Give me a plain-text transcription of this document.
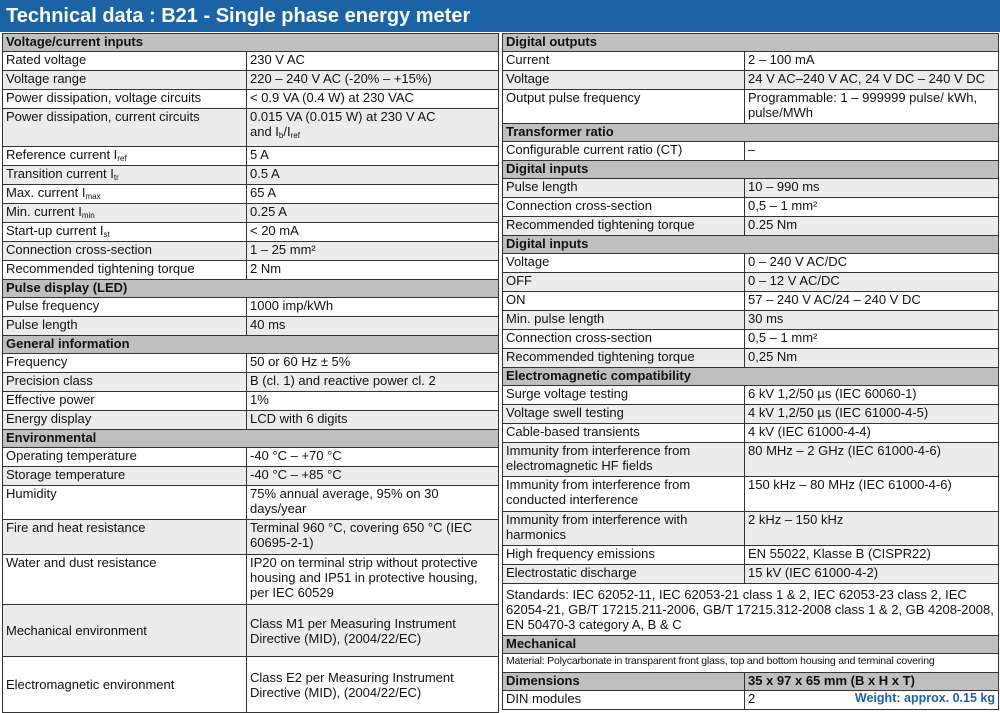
Technical data : B21 - Single phase energy meter
Voltage/current inputs	
Rated voltage	230 V AC
Voltage range	220 – 240 V AC (-20% – +15%)
Power dissipation, voltage circuits	< 0.9 VA (0.4 W) at 230 VAC
Power dissipation, current circuits	0.015 VA (0.015 W) at 230 V AC
and $I_b/I_{ref}$
Reference current $I_{ref}$	5 A
Transition current $I_{tr}$	0.5 A
Max. current $I_{max}$	65 A
Min. current $I_{min}$	0.25 A
Start-up current $I_{st}$	< 20 mA
Connection cross-section	1 – 25 mm²
Recommended tightening torque	2 Nm
Pulse display (LED)	
Pulse frequency	1000 imp/kWh
Pulse length	40 ms
General information	
Frequency	50 or 60 Hz ± 5%
Precision class	B (cl. 1) and reactive power cl. 2
Effective power	1%
Energy display	LCD with 6 digits
Environmental	
Operating temperature	-40 °C – +70 °C
Storage temperature	-40 °C – +85 °C
Humidity	75% annual average, 95% on 30 days/year
Fire and heat resistance	Terminal 960 °C, covering 650 °C (IEC 60695-2-1)
Water and dust resistance	IP20 on terminal strip without protective housing and IP51 in protective housing, per IEC 60529
Mechanical environment	Class M1 per Measuring Instrument Directive (MID), (2004/22/EC)
Electromagnetic environment	Class E2 per Measuring Instrument Directive (MID), (2004/22/EC)
Digital outputs	
Current	2 – 100 mA
Voltage	24 V AC–240 V AC, 24 V DC – 240 V DC
Output pulse frequency	Programmable: 1 – 999999 pulse/ kWh, pulse/MWh
Transformer ratio	
Configurable current ratio (CT)	–
Digital inputs	
Pulse length	10 – 990 ms
Connection cross-section	0,5 – 1 mm²
Recommended tightening torque	0.25 Nm
Digital inputs	
Voltage	0 – 240 V AC/DC
OFF	0 – 12 V AC/DC
ON	57 – 240 V AC/24 – 240 V DC
Min. pulse length	30 ms
Connection cross-section	0,5 – 1 mm²
Recommended tightening torque	0,25 Nm
Electromagnetic compatibility	
Surge voltage testing	6 kV 1,2/50 µs (IEC 60060-1)
Voltage swell testing	4 kV 1,2/50 µs (IEC 61000-4-5)
Cable-based transients	4 kV (IEC 61000-4-4)
Immunity from interference from electromagnetic HF fields	80 MHz – 2 GHz (IEC 61000-4-6)
Immunity from interference from conducted interference	150 kHz – 80 MHz (IEC 61000-4-6)
Immunity from interference with harmonics	2 kHz – 150 kHz
High frequency emissions	EN 55022, Klasse B (CISPR22)
Electrostatic discharge	15 kV (IEC 61000-4-2)
Standards: IEC 62052-11, IEC 62053-21 class 1 & 2, IEC 62053-23 class 2, IEC 62054-21, GB/T 17215.211-2006, GB/T 17215.312-2008 class 1 & 2, GB 4208-2008, EN 50470-3 category A, B & C	
Mechanical	
Material: Polycarbonate in transparent front glass, top and bottom housing and terminal covering	
Dimensions	35 x 97 x 65 mm (B x H x T)
DIN modules	2 Weight: approx. 0.15 kg
